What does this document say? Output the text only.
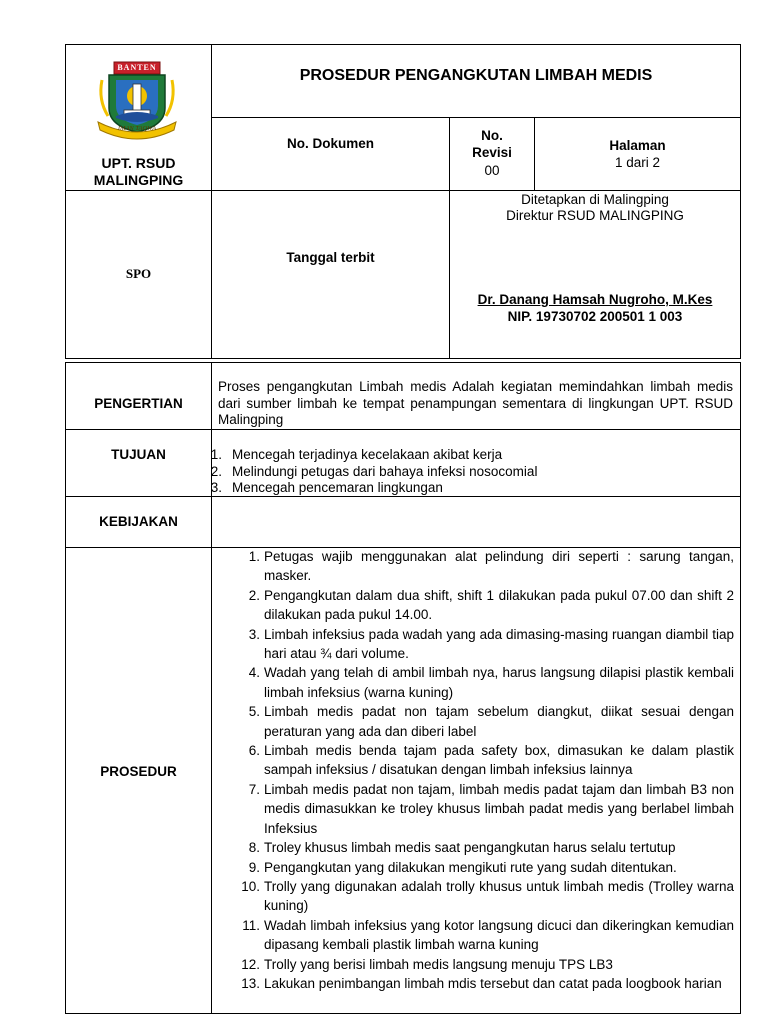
BANTEN
IMAN TAQWA
UPT. RSUD
MALINGPING
PROSEDUR PENGANGKUTAN LIMBAH MEDIS
No. Dokumen
No.
Revisi
00
Halaman
1 dari 2
SPO
Tanggal terbit
Ditetapkan di Malingping
Direktur RSUD MALINGPING
Dr. Danang Hamsah Nugroho, M.Kes
NIP. 19730702 200501 1 003
PENGERTIAN
Proses pengangkutan Limbah medis Adalah kegiatan memindahkan limbah medis dari sumber limbah ke tempat penampungan sementara di lingkungan UPT. RSUD Malingping
TUJUAN	1. Mencegah terjadinya kecelakaan akibat kerja
2. Melindungi petugas dari bahaya infeksi nosocomial
3. Mencegah pencemaran lingkungan
KEBIJAKAN
PROSEDUR
1. Petugas wajib menggunakan alat pelindung diri seperti : sarung tangan, masker.
2. Pengangkutan dalam dua shift, shift 1 dilakukan pada pukul 07.00 dan shift 2 dilakukan pada pukul 14.00.
3. Limbah infeksius pada wadah yang ada dimasing-masing ruangan diambil tiap hari atau ¾ dari volume.
4. Wadah yang telah di ambil limbah nya, harus langsung dilapisi plastik kembali limbah infeksius (warna kuning)
5. Limbah medis padat non tajam sebelum diangkut, diikat sesuai dengan peraturan yang ada dan diberi label
6. Limbah medis benda tajam pada safety box, dimasukan ke dalam plastik sampah infeksius / disatukan dengan limbah infeksius lainnya
7. Limbah medis padat non tajam, limbah medis padat tajam dan limbah B3 non medis dimasukkan ke troley khusus limbah padat medis yang berlabel limbah Infeksius
8. Troley khusus limbah medis saat pengangkutan harus selalu tertutup
9. Pengangkutan yang dilakukan mengikuti rute yang sudah ditentukan.
10. Trolly yang digunakan adalah trolly khusus untuk limbah medis (Trolley warna kuning)
11. Wadah limbah infeksius yang kotor langsung dicuci dan dikeringkan kemudian dipasang kembali plastik limbah warna kuning
12. Trolly yang berisi limbah medis langsung menuju TPS LB3
13. Lakukan penimbangan limbah mdis tersebut dan catat pada loogbook harian
